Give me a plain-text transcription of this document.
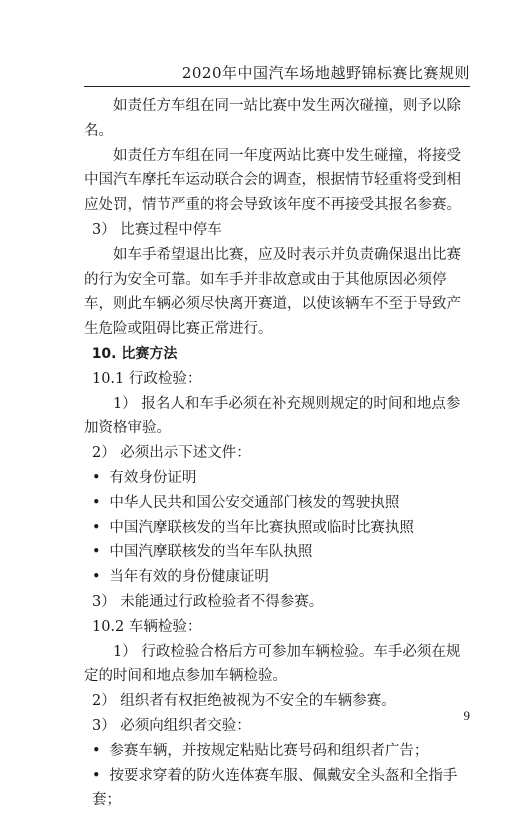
2020年中国汽车场地越野锦标赛比赛规则

如责任方车组在同一站比赛中发生两次碰撞，则予以除名。

如责任方车组在同一年度两站比赛中发生碰撞，将接受中国汽车摩托车运动联合会的调查，根据情节轻重将受到相应处罚，情节严重的将会导致该年度不再接受其报名参赛。

3） 比赛过程中停车

如车手希望退出比赛，应及时表示并负责确保退出比赛的行为安全可靠。如车手并非故意或由于其他原因必须停车，则此车辆必须尽快离开赛道，以使该辆车不至于导致产生危险或阻碍比赛正常进行。

10. 比赛方法

10.1 行政检验：

1） 报名人和车手必须在补充规则规定的时间和地点参加资格审验。

2） 必须出示下述文件：

• 有效身份证明

• 中华人民共和国公安交通部门核发的驾驶执照

• 中国汽摩联核发的当年比赛执照或临时比赛执照

• 中国汽摩联核发的当年车队执照

• 当年有效的身份健康证明

3） 未能通过行政检验者不得参赛。

10.2 车辆检验：

1） 行政检验合格后方可参加车辆检验。车手必须在规定的时间和地点参加车辆检验。

2） 组织者有权拒绝被视为不安全的车辆参赛。

3） 必须向组织者交验：

• 参赛车辆，并按规定粘贴比赛号码和组织者广告；

• 按要求穿着的防火连体赛车服、佩戴安全头盔和全指手套；

9
